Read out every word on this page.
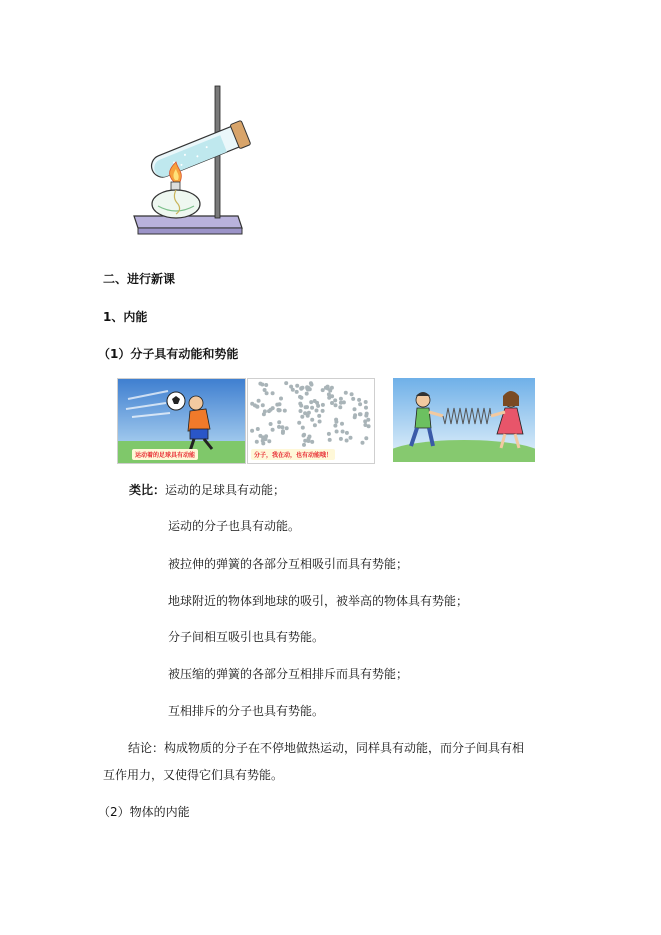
二、进行新课
1、内能
（1）分子具有动能和势能
运动着的足球具有动能	分子，我在动，也有动能哦！
类比：运动的足球具有动能；
运动的分子也具有动能。
被拉伸的弹簧的各部分互相吸引而具有势能；
地球附近的物体到地球的吸引，被举高的物体具有势能；
分子间相互吸引也具有势能。
被压缩的弹簧的各部分互相排斥而具有势能；
互相排斥的分子也具有势能。
结论：构成物质的分子在不停地做热运动，同样具有动能，而分子间具有相
互作用力，又使得它们具有势能。
（2）物体的内能
